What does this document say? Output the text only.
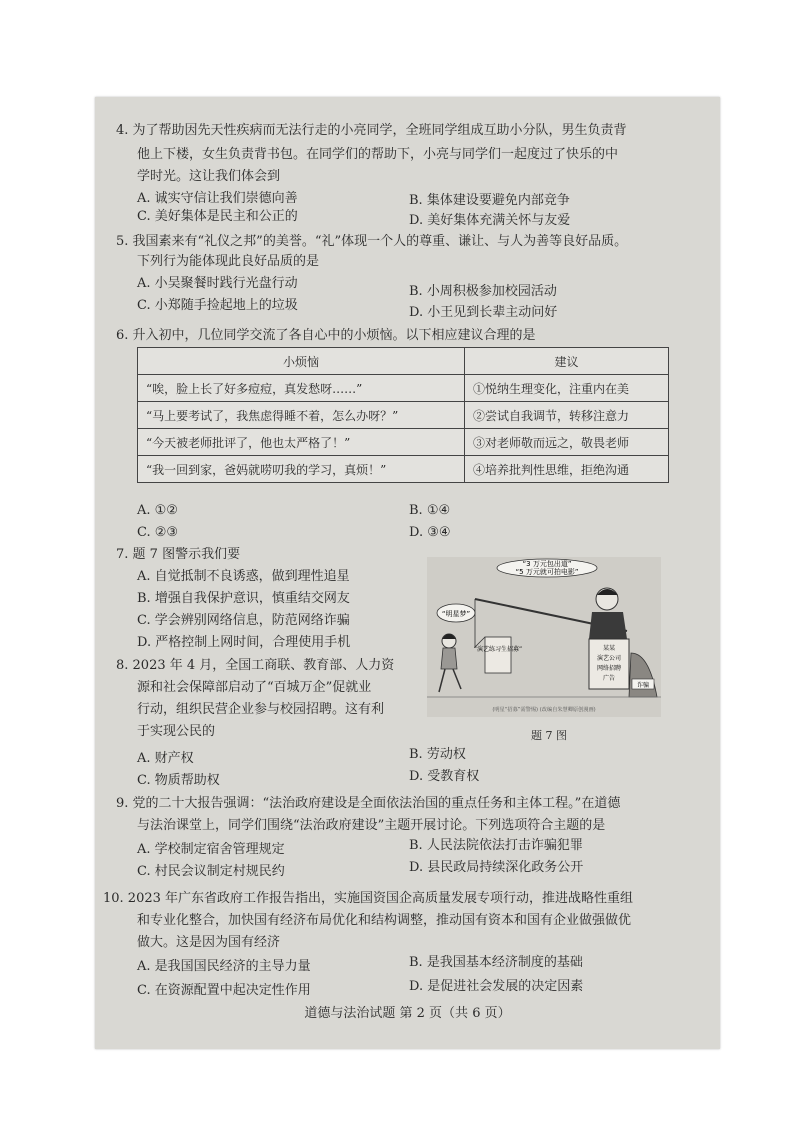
4. 为了帮助因先天性疾病而无法行走的小亮同学，全班同学组成互助小分队，男生负责背
他上下楼，女生负责背书包。在同学们的帮助下，小亮与同学们一起度过了快乐的中
学时光。这让我们体会到
A. 诚实守信让我们崇德向善	B. 集体建设要避免内部竞争
C. 美好集体是民主和公正的	D. 美好集体充满关怀与友爱
5. 我国素来有“礼仪之邦”的美誉。“礼”体现一个人的尊重、谦让、与人为善等良好品质。
下列行为能体现此良好品质的是
A. 小吴聚餐时践行光盘行动
B. 小周积极参加校园活动
C. 小郑随手捡起地上的垃圾	D. 小王见到长辈主动问好
6. 升入初中，几位同学交流了各自心中的小烦恼。以下相应建议合理的是
小烦恼	建议
“唉，脸上长了好多痘痘，真发愁呀……”	①悦纳生理变化，注重内在美
“马上要考试了，我焦虑得睡不着，怎么办呀？”	②尝试自我调节，转移注意力
“今天被老师批评了，他也太严格了！”	③对老师敬而远之，敬畏老师
“我一回到家，爸妈就唠叨我的学习，真烦！”	④培养批判性思维，拒绝沟通
A. ①②	B. ①④
C. ②③	D. ③④
7. 题 7 图警示我们要
A. 自觉抵制不良诱惑，做到理性追星
B. 增强自我保护意识，慎重结交网友
C. 学会辨别网络信息，防范网络诈骗
D. 严格控制上网时间，合理使用手机
“3 万元包出道”
“5 万元就可拍电影”
“明星梦”
“演艺练习生招募”	某某
演艺公司
网络招聘
广告
诈骗
(明星“招募”需警惕) (改编自朱慧卿原创漫画)
题 7 图
8. 2023 年 4 月，全国工商联、教育部、人力资
源和社会保障部启动了“百城万企”促就业
行动，组织民营企业参与校园招聘。这有利
于实现公民的
A. 财产权	B. 劳动权
C. 物质帮助权	D. 受教育权
9. 党的二十大报告强调：“法治政府建设是全面依法治国的重点任务和主体工程。”在道德
与法治课堂上，同学们围绕“法治政府建设”主题开展讨论。下列选项符合主题的是
A. 学校制定宿舍管理规定	B. 人民法院依法打击诈骗犯罪
C. 村民会议制定村规民约	D. 县民政局持续深化政务公开
10. 2023 年广东省政府工作报告指出，实施国资国企高质量发展专项行动，推进战略性重组
和专业化整合，加快国有经济布局优化和结构调整，推动国有资本和国有企业做强做优
做大。这是因为国有经济
A. 是我国国民经济的主导力量	B. 是我国基本经济制度的基础
C. 在资源配置中起决定性作用	D. 是促进社会发展的决定因素
道德与法治试题 第 2 页（共 6 页）
